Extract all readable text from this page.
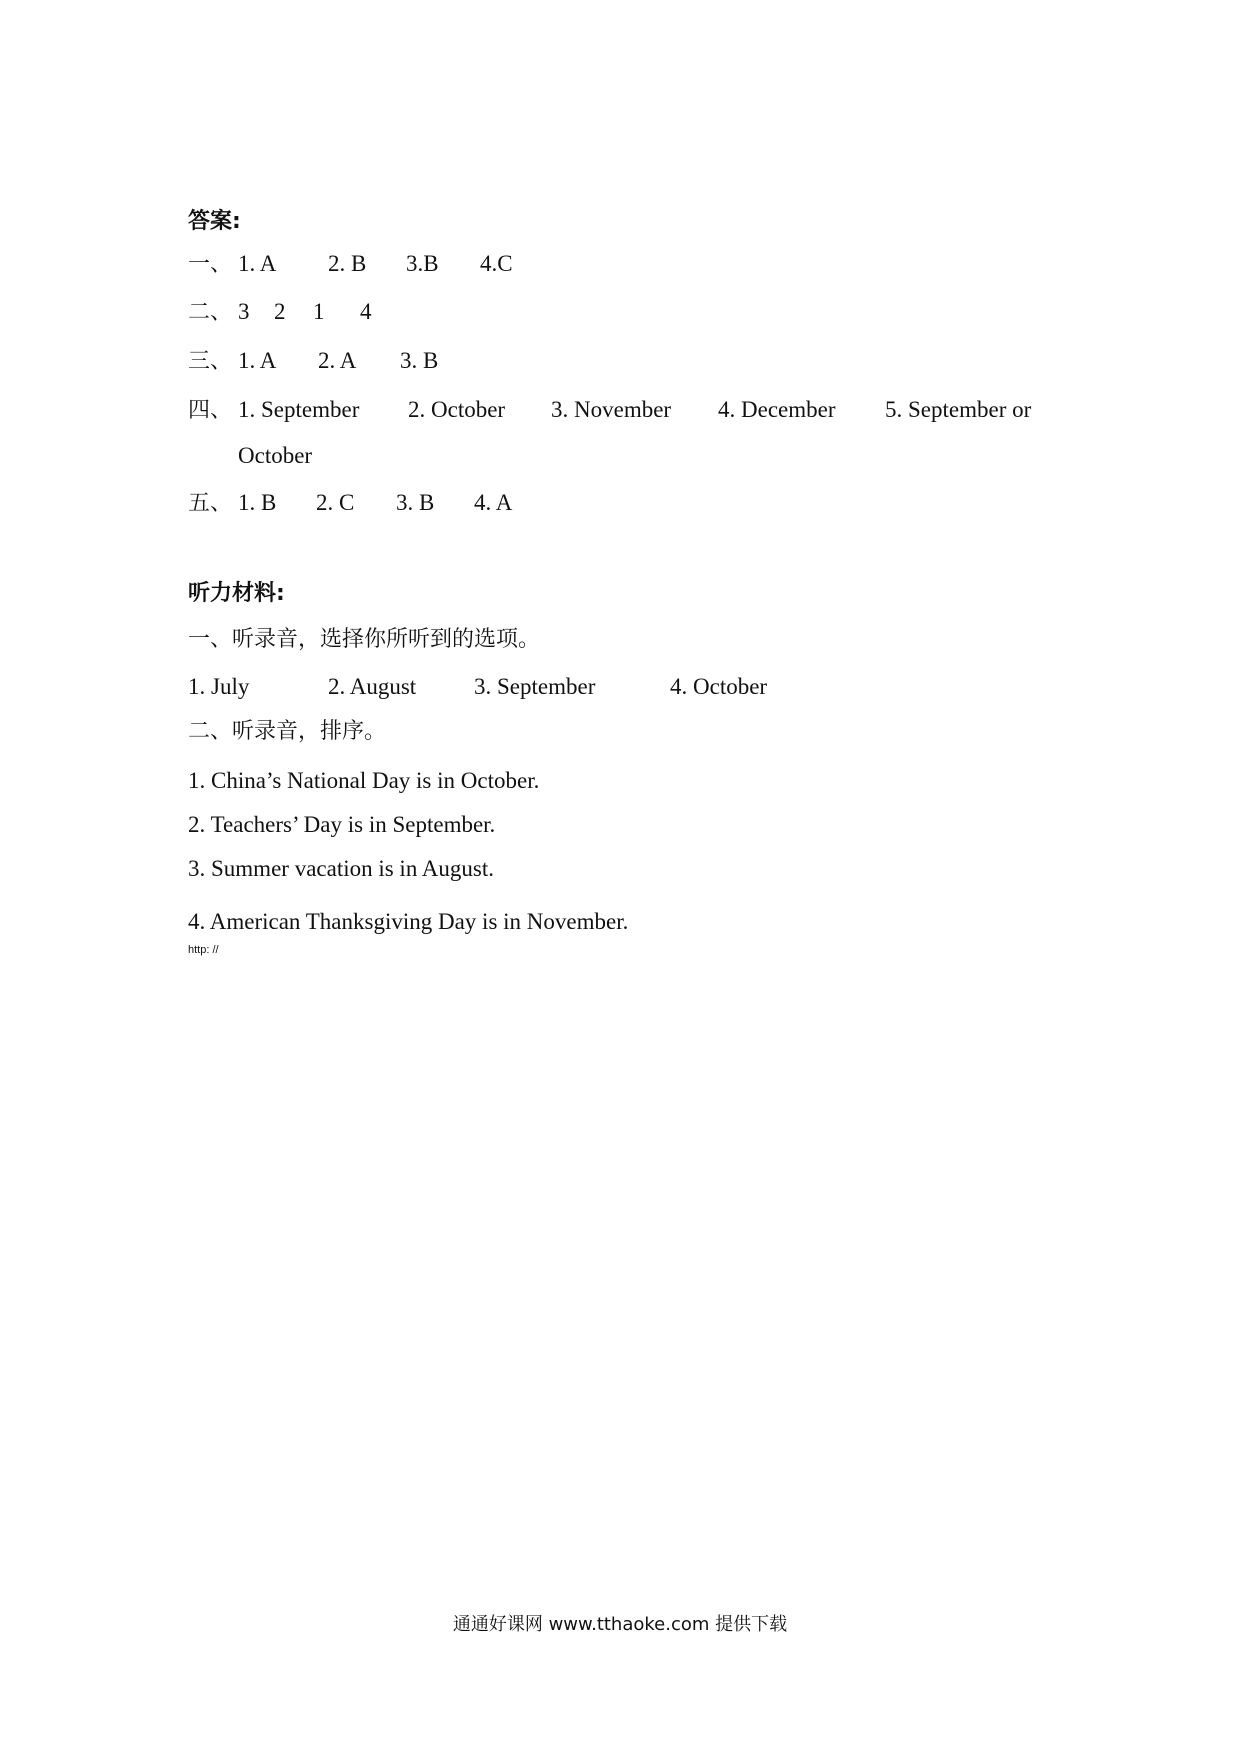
答案:
一、 1. A 2. B 3.B 4.C
二、 3 2 1 4
三、 1. A 2. A 3. B
四、 1. September 2. October 3. November 4. December 5. September or
October
五、 1. B 2. C 3. B 4. A
听力材料:
一、听录音，选择你所听到的选项。
1. July	2. August	3. September	4. October
二、听录音，排序。
1. China’s National Day is in October.
2. Teachers’ Day is in September.
3. Summer vacation is in August.
4. American Thanksgiving Day is in November.
http: //
通通好课网 www.tthaoke.com 提供下载
